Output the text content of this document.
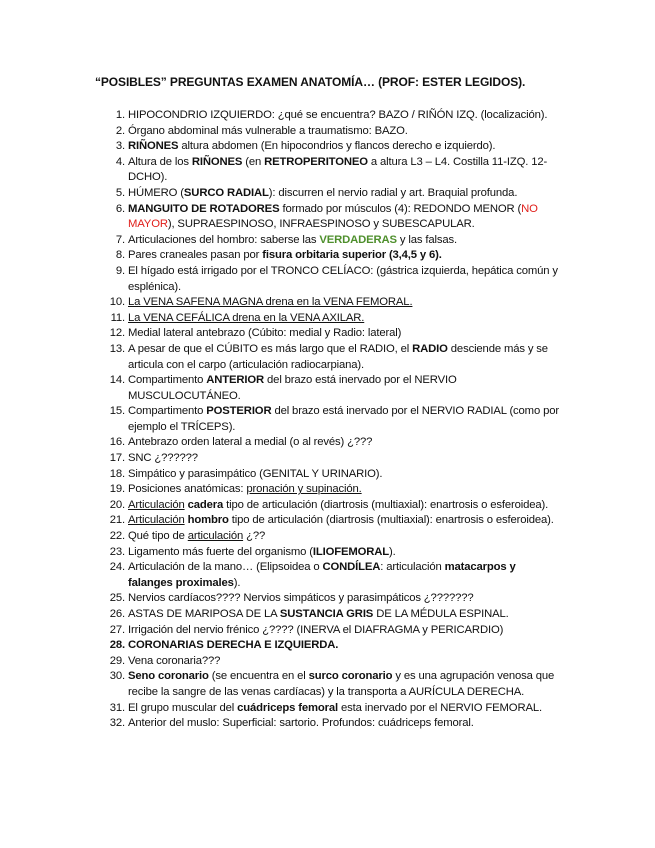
“POSIBLES” PREGUNTAS EXAMEN ANATOMÍA… (PROF: ESTER LEGIDOS).
1. HIPOCONDRIO IZQUIERDO: ¿qué se encuentra? BAZO / RIÑÓN IZQ. (localización).
2. Órgano abdominal más vulnerable a traumatismo: BAZO.
3. RIÑONES altura abdomen (En hipocondrios y flancos derecho e izquierdo).
4. Altura de los RIÑONES (en RETROPERITONEO a altura L3 – L4. Costilla 11-IZQ. 12-DCHO).
5. HÚMERO (SURCO RADIAL): discurren el nervio radial y art. Braquial profunda.
6. MANGUITO DE ROTADORES formado por músculos (4): REDONDO MENOR (NO MAYOR), SUPRAESPINOSO, INFRAESPINOSO y SUBESCAPULAR.
7. Articulaciones del hombro: saberse las VERDADERAS y las falsas.
8. Pares craneales pasan por fisura orbitaria superior (3,4,5 y 6).
9. El hígado está irrigado por el TRONCO CELÍACO: (gástrica izquierda, hepática común y esplénica).
10. La VENA SAFENA MAGNA drena en la VENA FEMORAL.
11. La VENA CEFÁLICA drena en la VENA AXILAR.
12. Medial lateral antebrazo (Cúbito: medial y Radio: lateral)
13. A pesar de que el CÚBITO es más largo que el RADIO, el RADIO desciende más y se articula con el carpo (articulación radiocarpiana).
14. Compartimento ANTERIOR del brazo está inervado por el NERVIO MUSCULOCUTÁNEO.
15. Compartimento POSTERIOR del brazo está inervado por el NERVIO RADIAL (como por ejemplo el TRÍCEPS).
16. Antebrazo orden lateral a medial (o al revés) ¿???
17. SNC ¿??????
18. Simpático y parasimpático (GENITAL Y URINARIO).
19. Posiciones anatómicas: pronación y supinación.
20. Articulación cadera tipo de articulación (diartrosis (multiaxial): enartrosis o esferoidea).
21. Articulación hombro tipo de articulación (diartrosis (multiaxial): enartrosis o esferoidea).
22. Qué tipo de articulación ¿??
23. Ligamento más fuerte del organismo (ILIOFEMORAL).
24. Articulación de la mano… (Elipsoidea o CONDÍLEA: articulación matacarpos y falanges proximales).
25. Nervios cardíacos???? Nervios simpáticos y parasimpáticos ¿???????
26. ASTAS DE MARIPOSA DE LA SUSTANCIA GRIS DE LA MÉDULA ESPINAL.
27. Irrigación del nervio frénico ¿???? (INERVA el DIAFRAGMA y PERICARDIO)
28. CORONARIAS DERECHA E IZQUIERDA.
29. Vena coronaria???
30. Seno coronario (se encuentra en el surco coronario y es una agrupación venosa que recibe la sangre de las venas cardíacas) y la transporta a AURÍCULA DERECHA.
31. El grupo muscular del cuádriceps femoral esta inervado por el NERVIO FEMORAL.
32. Anterior del muslo: Superficial: sartorio. Profundos: cuádriceps femoral.
